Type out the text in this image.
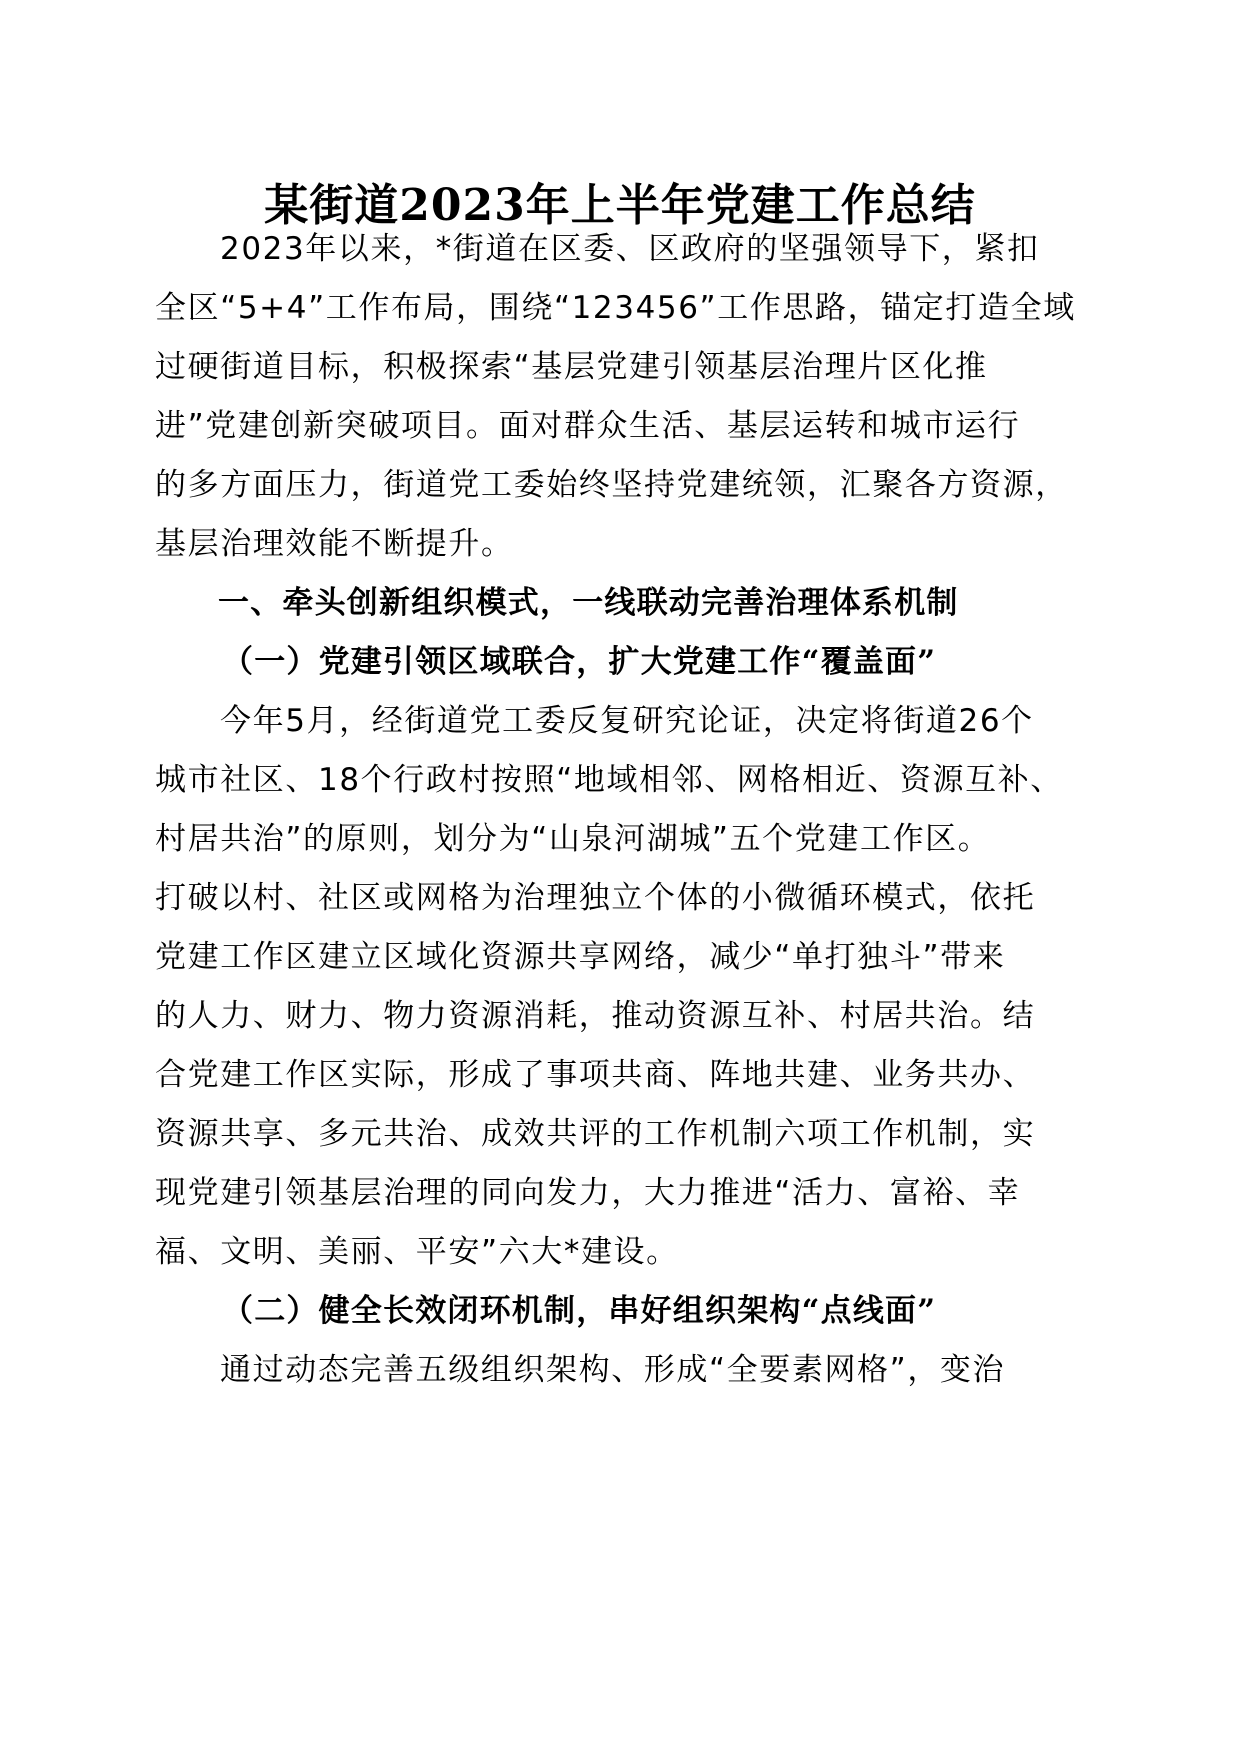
某街道2023年上半年党建工作总结
2023年以来，*街道在区委、区政府的坚强领导下，紧扣
全区“5+4”工作布局，围绕“123456”工作思路，锚定打造全域
过硬街道目标，积极探索“基层党建引领基层治理片区化推
进”党建创新突破项目。面对群众生活、基层运转和城市运行
的多方面压力，街道党工委始终坚持党建统领，汇聚各方资源，
基层治理效能不断提升。
一、牵头创新组织模式，一线联动完善治理体系机制
（一）党建引领区域联合，扩大党建工作“覆盖面”
今年5月，经街道党工委反复研究论证，决定将街道26个
城市社区、18个行政村按照“地域相邻、网格相近、资源互补、
村居共治”的原则，划分为“山泉河湖城”五个党建工作区。
打破以村、社区或网格为治理独立个体的小微循环模式，依托
党建工作区建立区域化资源共享网络，减少“单打独斗”带来
的人力、财力、物力资源消耗，推动资源互补、村居共治。结
合党建工作区实际，形成了事项共商、阵地共建、业务共办、
资源共享、多元共治、成效共评的工作机制六项工作机制，实
现党建引领基层治理的同向发力，大力推进“活力、富裕、幸
福、文明、美丽、平安”六大*建设。
（二）健全长效闭环机制，串好组织架构“点线面”
通过动态完善五级组织架构、形成“全要素网格”，变治
